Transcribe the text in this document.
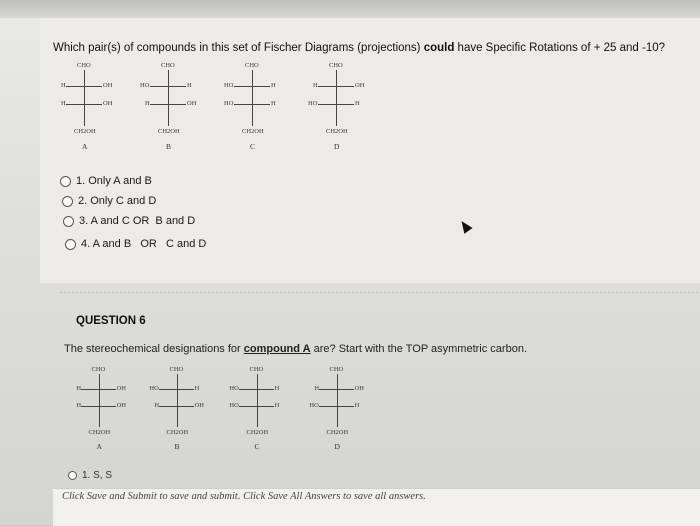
Which pair(s) of compounds in this set of Fischer Diagrams (projections) could have Specific Rotations of + 25 and -10?
CHO
H	OH
H	OH
CH2OH
A
CHO
HO	H
H	OH
CH2OH
B
CHO
HO	H
HO	H
CH2OH
C
CHO
H	OH
HO	H
CH2OH
D
1. Only A and B
2. Only C and D
3. A and C OR  B and D
4. A and B   OR   C and D
QUESTION 6
The stereochemical designations for compound A are? Start with the TOP asymmetric carbon.
CHO
H	OH
H	OH
CH2OH
A
CHO
HO	H
H	OH
CH2OH
B
CHO
HO	H
HO	H
CH2OH
C
CHO
H	OH
HO	H
CH2OH
D
1. S, S
Click Save and Submit to save and submit. Click Save All Answers to save all answers.
